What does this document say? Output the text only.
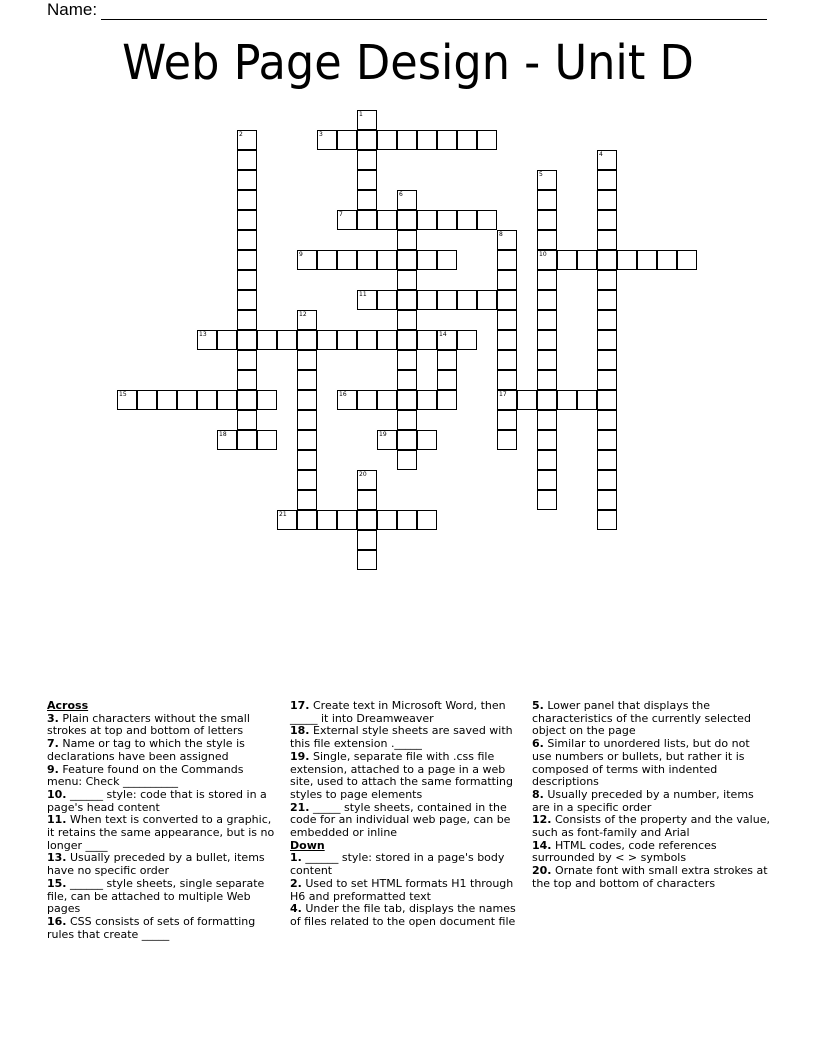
Name:
Web Page Design - Unit D
1
2	3
4
5
10
6
7
8
17
9
11
12
13	14
15	16
18	19
20
21

Across

3. Plain characters without the small strokes at top and bottom of letters

7. Name or tag to which the style is declarations have been assigned

9. Feature found on the Commands menu: Check __________

10. ______ style: code that is stored in a page's head content

11. When text is converted to a graphic, it retains the same appearance, but is no longer ____

13. Usually preceded by a bullet, items have no specific order

15. ______ style sheets, single separate file, can be attached to multiple Web pages

16. CSS consists of sets of formatting rules that create _____

17. Create text in Microsoft Word, then _____ it into Dreamweaver

18. External style sheets are saved with this file extension ._____

19. Single, separate file with .css file extension, attached to a page in a web site, used to attach the same formatting styles to page elements

21. _____ style sheets, contained in the code for an individual web page, can be embedded or inline

Down

1. ______ style: stored in a page's body content

2. Used to set HTML formats H1 through H6 and preformatted text

4. Under the file tab, displays the names of files related to the open document file

5. Lower panel that displays the characteristics of the currently selected object on the page

6. Similar to unordered lists, but do not use numbers or bullets, but rather it is composed of terms with indented descriptions

8. Usually preceded by a number, items are in a specific order

12. Consists of the property and the value, such as font-family and Arial

14. HTML codes, code references surrounded by < > symbols

20. Ornate font with small extra strokes at the top and bottom of characters
